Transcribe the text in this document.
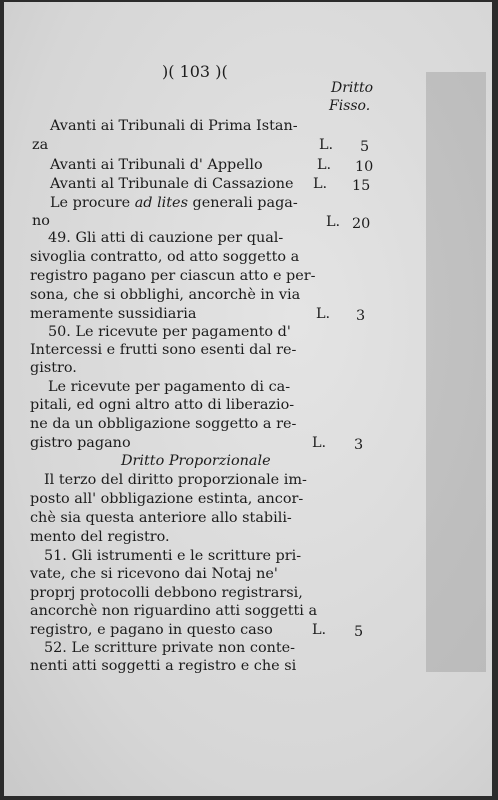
)( 103 )(
Dritto
Fisso.
Avanti ai Tribunali di Prima Istan-
za	L. 5
Avanti ai Tribunali d' Appello	L. 10
Avanti al Tribunale di Cassazione L. 15
Le procure ad lites generali paga-
no	L. 20
49. Gli atti di cauzione per qual-
sivoglia contratto, od atto soggetto a
registro pagano per ciascun atto e per-
sona, che si obblighi, ancorchè in via
meramente sussidiaria	L. 3
50. Le ricevute per pagamento d'
Intercessi e frutti sono esenti dal re-
gistro.
Le ricevute per pagamento di ca-
pitali, ed ogni altro atto di liberazio-
ne da un obbligazione soggetto a re-
gistro pagano	L. 3
Dritto Proporzionale
Il terzo del diritto proporzionale im-
posto all' obbligazione estinta, ancor-
chè sia questa anteriore allo stabili-
mento del registro.
51. Gli istrumenti e le scritture pri-
vate, che si ricevono dai Notaj ne'
proprj protocolli debbono registrarsi,
ancorchè non riguardino atti soggetti a
registro, e pagano in questo caso	L. 5
52. Le scritture private non conte-
nenti atti soggetti a registro e che si
